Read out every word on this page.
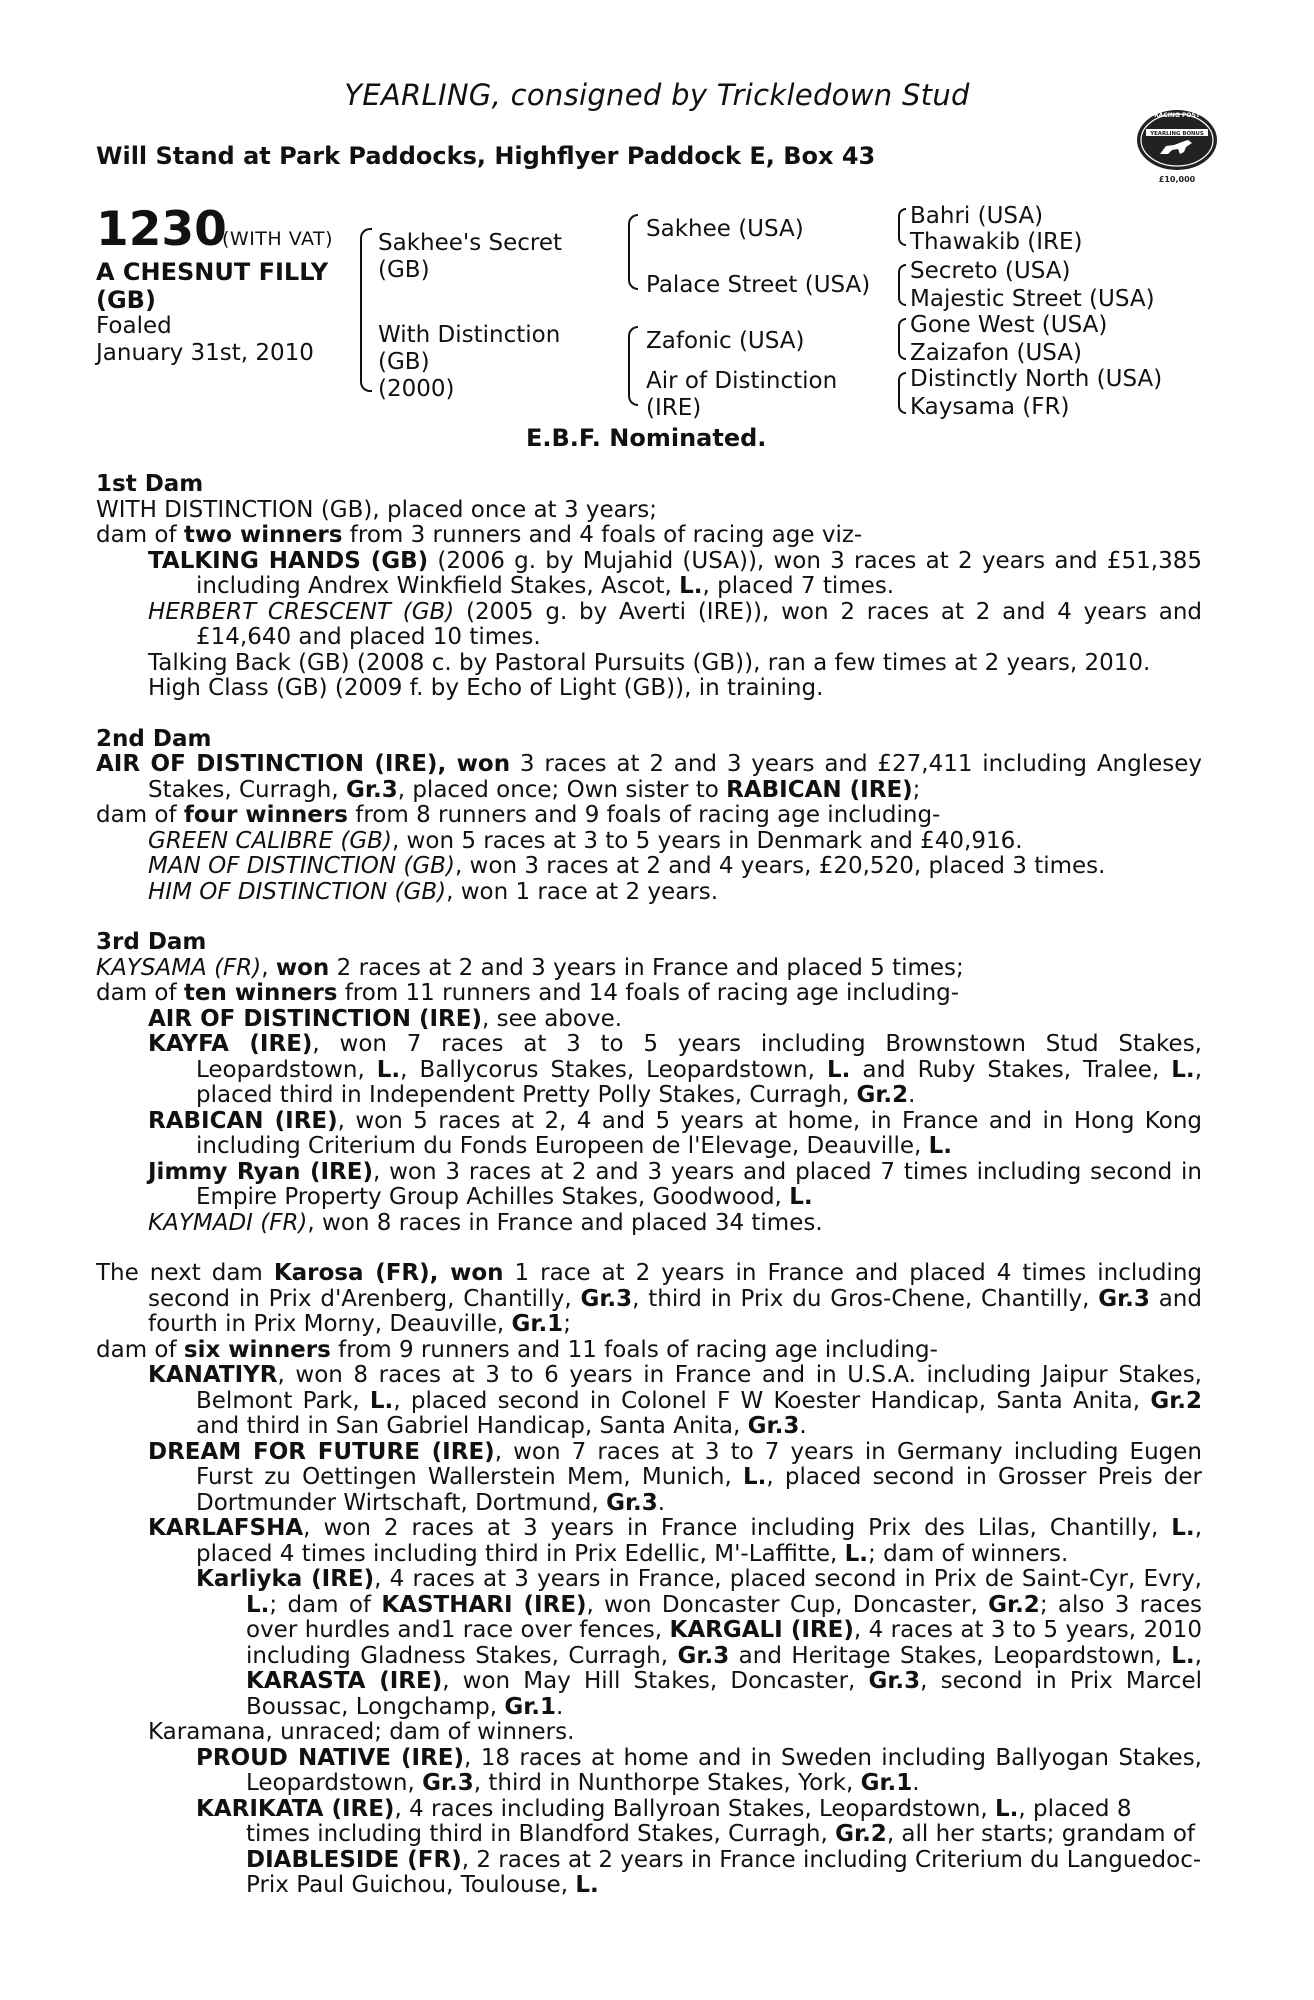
YEARLING, consigned by Trickledown Stud
Will Stand at Park Paddocks, Highflyer Paddock E, Box 43
RACING POST
YEARLING BONUS
£10,000
1230
(WITH VAT)
A CHESNUT FILLY
(GB)
Foaled
January 31st, 2010
Sakhee's Secret
(GB)
With Distinction
(GB)
(2000)
Sakhee (USA)
Palace Street (USA)
Zafonic (USA)
Air of Distinction
(IRE)
Bahri (USA)
Thawakib (IRE)
Secreto (USA)
Majestic Street (USA)
Gone West (USA)
Zaizafon (USA)
Distinctly North (USA)
Kaysama (FR)
E.B.F. Nominated.
1st Dam
WITH DISTINCTION (GB), placed once at 3 years;
dam of two winners from 3 runners and 4 foals of racing age viz-
TALKING HANDS (GB) (2006 g. by Mujahid (USA)), won 3 races at 2 years and £51,385 including Andrex Winkfield Stakes, Ascot, L., placed 7 times.
HERBERT CRESCENT (GB) (2005 g. by Averti (IRE)), won 2 races at 2 and 4 years and £14,640 and placed 10 times.
Talking Back (GB) (2008 c. by Pastoral Pursuits (GB)), ran a few times at 2 years, 2010.
High Class (GB) (2009 f. by Echo of Light (GB)), in training.
2nd Dam
AIR OF DISTINCTION (IRE), won 3 races at 2 and 3 years and £27,411 including Anglesey Stakes, Curragh, Gr.3, placed once; Own sister to RABICAN (IRE);
dam of four winners from 8 runners and 9 foals of racing age including-
GREEN CALIBRE (GB), won 5 races at 3 to 5 years in Denmark and £40,916.
MAN OF DISTINCTION (GB), won 3 races at 2 and 4 years, £20,520, placed 3 times.
HIM OF DISTINCTION (GB), won 1 race at 2 years.
3rd Dam
KAYSAMA (FR), won 2 races at 2 and 3 years in France and placed 5 times;
dam of ten winners from 11 runners and 14 foals of racing age including-
AIR OF DISTINCTION (IRE), see above.
KAYFA (IRE), won 7 races at 3 to 5 years including Brownstown Stud Stakes, Leopardstown, L., Ballycorus Stakes, Leopardstown, L. and Ruby Stakes, Tralee, L., placed third in Independent Pretty Polly Stakes, Curragh, Gr.2.
RABICAN (IRE), won 5 races at 2, 4 and 5 years at home, in France and in Hong Kong including Criterium du Fonds Europeen de l'Elevage, Deauville, L.
Jimmy Ryan (IRE), won 3 races at 2 and 3 years and placed 7 times including second in Empire Property Group Achilles Stakes, Goodwood, L.
KAYMADI (FR), won 8 races in France and placed 34 times.
The next dam Karosa (FR), won 1 race at 2 years in France and placed 4 times including second in Prix d'Arenberg, Chantilly, Gr.3, third in Prix du Gros-Chene, Chantilly, Gr.3 and fourth in Prix Morny, Deauville, Gr.1;
dam of six winners from 9 runners and 11 foals of racing age including-
KANATIYR, won 8 races at 3 to 6 years in France and in U.S.A. including Jaipur Stakes, Belmont Park, L., placed second in Colonel F W Koester Handicap, Santa Anita, Gr.2 and third in San Gabriel Handicap, Santa Anita, Gr.3.
DREAM FOR FUTURE (IRE), won 7 races at 3 to 7 years in Germany including Eugen Furst zu Oettingen Wallerstein Mem, Munich, L., placed second in Grosser Preis der Dortmunder Wirtschaft, Dortmund, Gr.3.
KARLAFSHA, won 2 races at 3 years in France including Prix des Lilas, Chantilly, L., placed 4 times including third in Prix Edellic, M'-Laffitte, L.; dam of winners.
Karliyka (IRE), 4 races at 3 years in France, placed second in Prix de Saint-Cyr, Evry, L.; dam of KASTHARI (IRE), won Doncaster Cup, Doncaster, Gr.2; also 3 races over hurdles and1 race over fences, KARGALI (IRE), 4 races at 3 to 5 years, 2010 including Gladness Stakes, Curragh, Gr.3 and Heritage Stakes, Leopardstown, L., KARASTA (IRE), won May Hill Stakes, Doncaster, Gr.3, second in Prix Marcel Boussac, Longchamp, Gr.1.
Karamana, unraced; dam of winners.
PROUD NATIVE (IRE), 18 races at home and in Sweden including Ballyogan Stakes, Leopardstown, Gr.3, third in Nunthorpe Stakes, York, Gr.1.
KARIKATA (IRE), 4 races including Ballyroan Stakes, Leopardstown, L., placed 8 times including third in Blandford Stakes, Curragh, Gr.2, all her starts; grandam of DIABLESIDE (FR), 2 races at 2 years in France including Criterium du Languedoc-Prix Paul Guichou, Toulouse, L.
